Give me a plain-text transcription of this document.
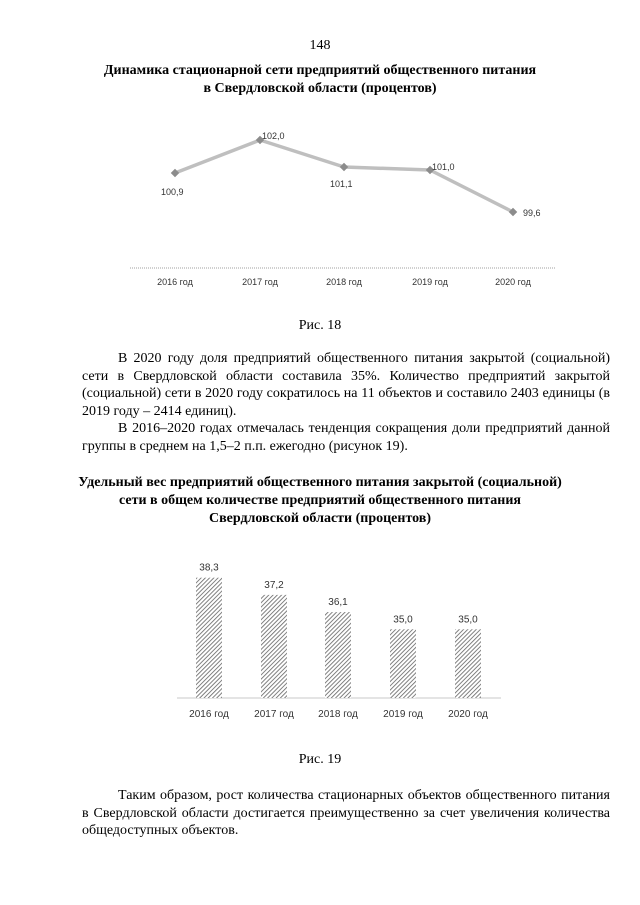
148
Динамика стационарной сети предприятий общественного питания
в Свердловской области (процентов)
100,9
102,0
101,1
101,0
99,6
2016 год	2017 год	2018 год	2019 год	2020 год
Рис. 18
В 2020 году доля предприятий общественного питания закрытой (социальной) сети в Свердловской области составила 35%. Количество предприятий закрытой (социальной) сети в 2020 году сократилось на 11 объектов и составило 2403 единицы (в 2019 году – 2414 единиц).
В 2016–2020 годах отмечалась тенденция сокращения доли предприятий данной группы в среднем на 1,5–2 п.п. ежегодно (рисунок 19).
Удельный вес предприятий общественного питания закрытой (социальной)
сети в общем количестве предприятий общественного питания
Свердловской области (процентов)
38,3
2016 год
37,2
2017 год
36,1
2018 год
35,0
2019 год
35,0
2020 год
Рис. 19
Таким образом, рост количества стационарных объектов общественного питания в Свердловской области достигается преимущественно за счет увеличения количества общедоступных объектов.
